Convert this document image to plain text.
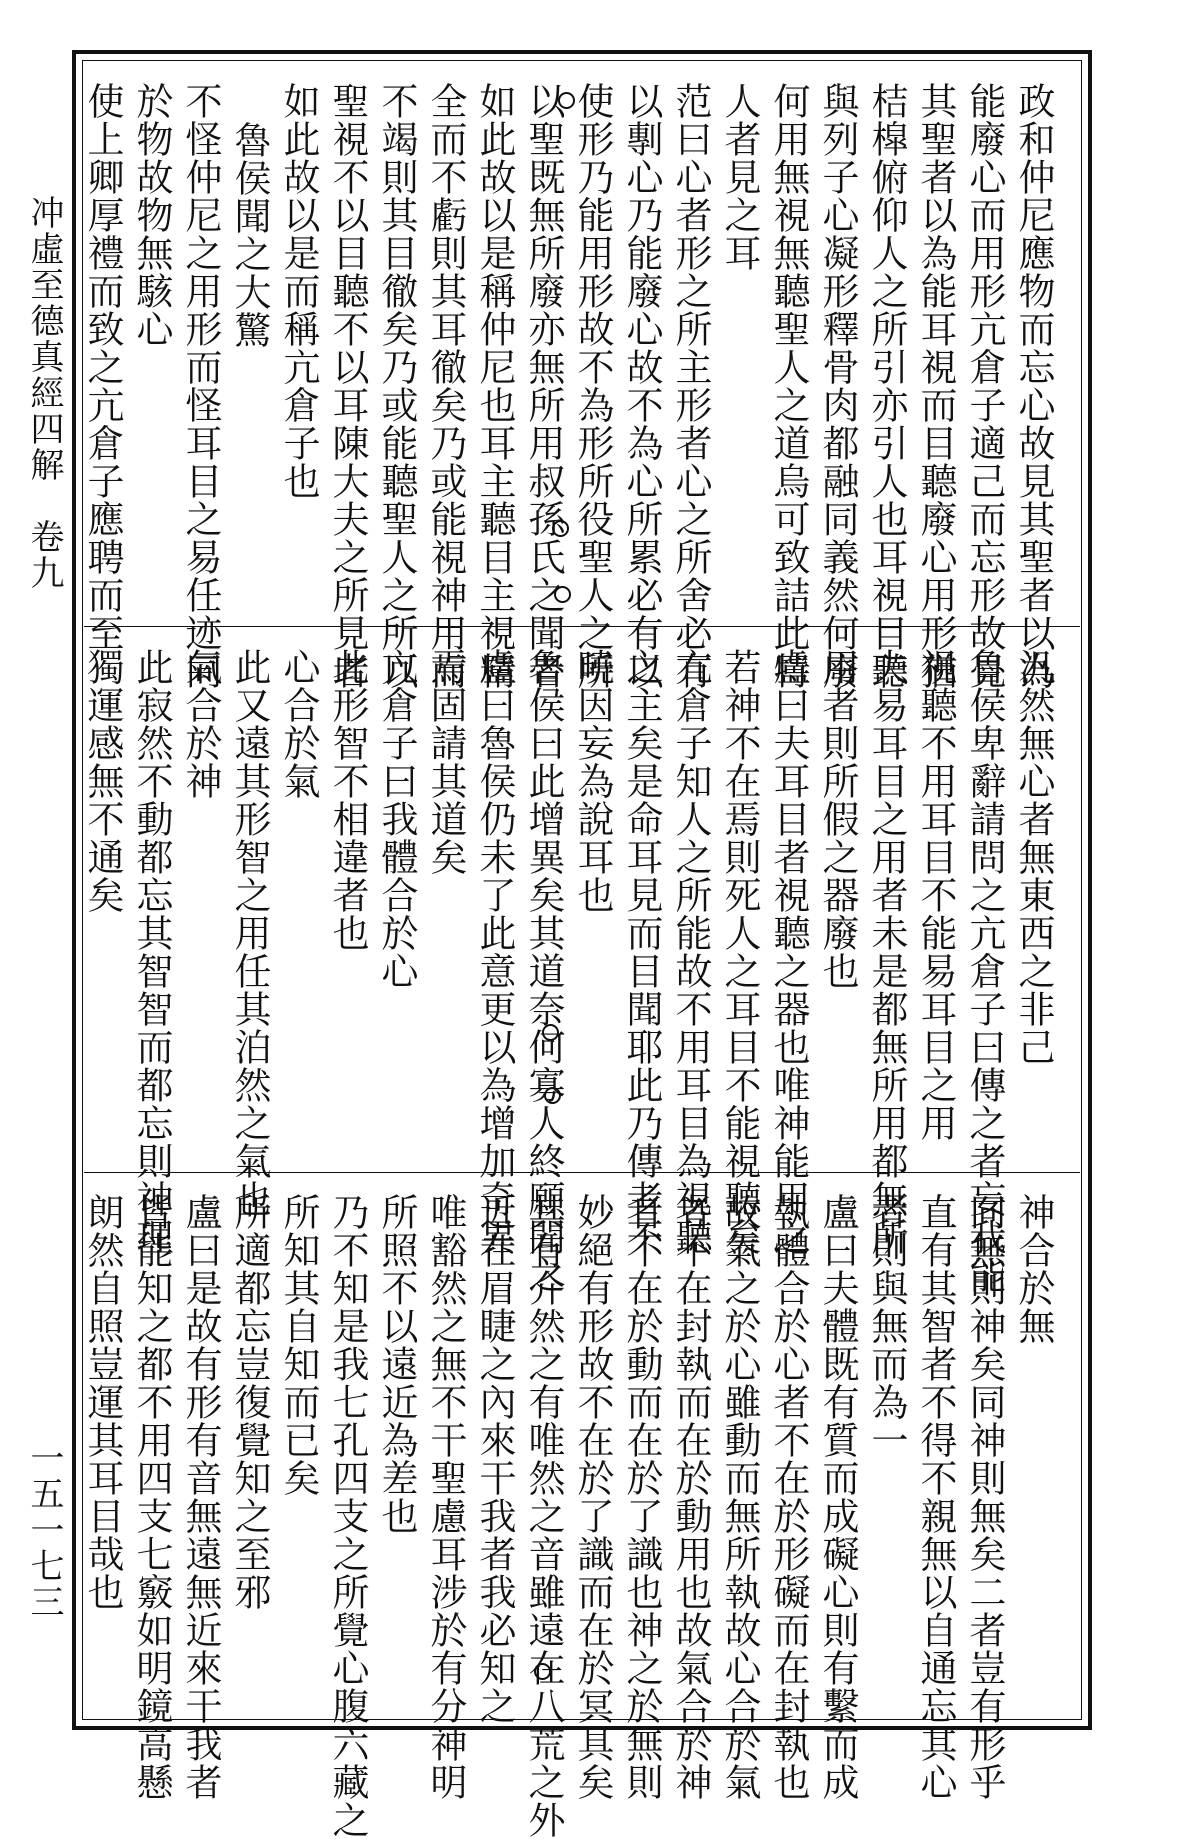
冲虛至德真經四解　卷九
一五一七三
政和仲尼應物而忘心故見其聖者以為
能廢心而用形亢倉子適己而忘形故見
其聖者以為能耳視而目聽廢心用形猶
桔槹俯仰人之所引亦引人也耳視目聽
與列子心凝形釋骨肉都融同義然何廢
何用無視無聽聖人之道烏可致詰此特
人者見之耳
范曰心者形之所主形者心之所舍必有
以剸心乃能廢心故不為心所累必有以
使形乃能用形故不為形所役聖人之所
以聖既無所廢亦無所用叔孫氏之聞者
如此故以是稱仲尼也耳主聽目主視精
全而不虧則其耳徹矣乃或能視神用而
不竭則其目徹矣乃或能聽聖人之所以
聖視不以目聽不以耳陳大夫之所見者
如此故以是而稱亢倉子也
魯侯聞之大驚
不怪仲尼之用形而怪耳目之易任迹同
於物故物無駭心
使上卿厚禮而致之亢倉子應聘而至
汎然無心者無東西之非己
魯侯卑辭請問之亢倉子曰傳之者妄我能
視聽不用耳目不能易耳目之用
夫易耳目之用者未是都無所用都無所
用者則所假之器廢也
盧曰夫耳目者視聽之器也唯神能用之
若神不在焉則死人之耳目不能視聽矣
亢倉子知人之所能故不用耳目為視聽
之主矣是命耳見而目聞耶此乃傳者不
曉因妄為說耳也
魯侯曰此增異矣其道奈何寡人終願聞之
盧曰魯侯仍未了此意更以為增加奇異
焉固請其道矣
亢倉子曰我體合於心
此形智不相違者也
心合於氣
此又遠其形智之用任其泊然之氣也
氣合於神
此寂然不動都忘其智智而都忘則神理
獨運感無不通矣
神合於無
同無則神矣同神則無矣二者豈有形乎
直有其智者不得不親無以自通忘其心
者則與無而為一
盧曰夫體既有質而成礙心則有繫而成
執體合於心者不在於形礙而在封執也
故氣之於心雖動而無所執故心合於氣
者不在封執而在於動用也故氣合於神
者不在於動而在於了識也神之於無則
妙絕有形故不在於了識而在於冥具矣
其有介然之有唯然之音雖遠在八荒之外
近在眉睫之內來干我者我必知之
唯豁然之無不干聖慮耳涉於有分神明
所照不以遠近為差也
乃不知是我七孔四支之所覺心腹六藏之
所知其自知而已矣
所適都忘豈復覺知之至邪
盧曰是故有形有音無遠無近來干我者
皆能知之都不用四支七竅如明鏡高懸
朗然自照豈運其耳目哉也
